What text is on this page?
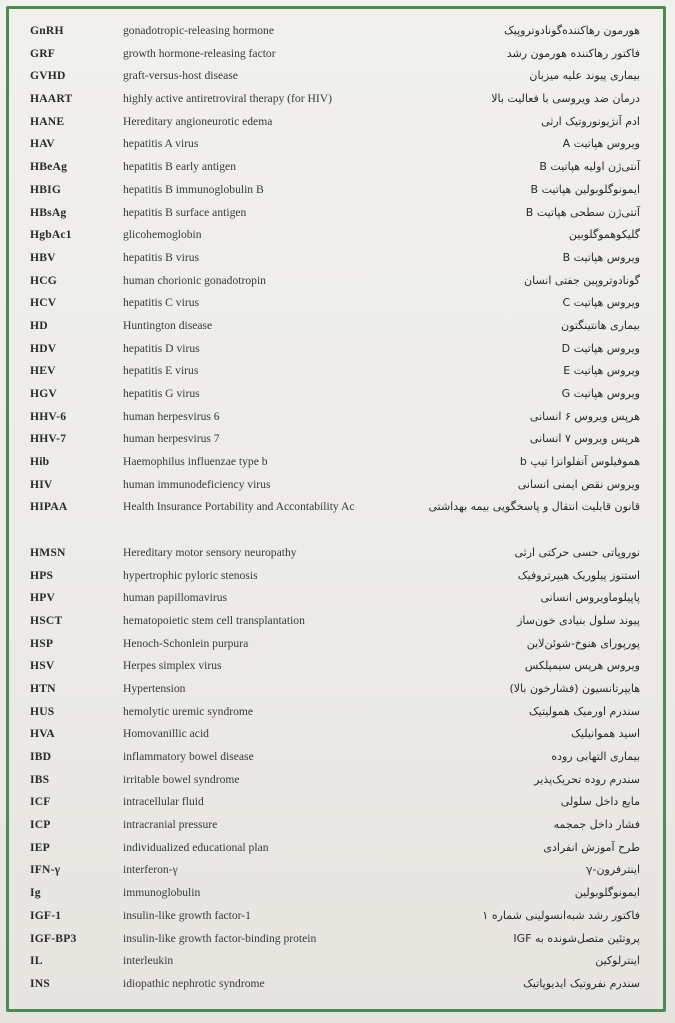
GnRH	gonadotropic-releasing hormone	هورمون رهاکننده‌گونادوتروپیک
GRF	growth hormone-releasing factor	فاکتور رهاکننده هورمون رشد
GVHD	graft-versus-host disease	بیماری پیوند علیه میزبان
HAART	highly active antiretroviral therapy (for HIV)	درمان ضد ویروسی با فعالیت بالا
HANE	Hereditary angioneurotic edema	ادم آنژیونوروتیک ارثی
HAV	hepatitis A virus	ویروس هپاتیت A
HBeAg	hepatitis B early antigen	آنتی‌ژن اولیه هپاتیت B
HBIG	hepatitis B immunoglobulin B	ایمونوگلوبولین هپاتیت B
HBsAg	hepatitis B surface antigen	آنتی‌ژن سطحی هپاتیت B
HgbAc1	glicohemoglobin	گلیکوهموگلوبین
HBV	hepatitis B virus	ویروس هپاتیت B
HCG	human chorionic gonadotropin	گونادوتروپین جفتی انسان
HCV	hepatitis C virus	ویروس هپاتیت C
HD	Huntington disease	بیماری هانتینگتون
HDV	hepatitis D virus	ویروس هپاتیت D
HEV	hepatitis E virus	ویروس هپاتیت E
HGV	hepatitis G virus	ویروس هپاتیت G
HHV-6	human herpesvirus 6	هرپس ویروس ۶ انسانی
HHV-7	human herpesvirus 7	هرپس ویروس ۷ انسانی
Hib	Haemophilus influenzae type b	هموفیلوس آنفلوانزا تیپ b
HIV	human immunodeficiency virus	ویروس نقص ایمنی انسانی
HIPAA	Health Insurance Portability and Accontability Ac	قانون قابلیت انتقال و پاسخگویی بیمه بهداشتی
HMSN	Hereditary motor sensory neuropathy	نوروپاتی حسی حرکتی ارثی
HPS	hypertrophic pyloric stenosis	استنوز پیلوریک هیپرتروفیک
HPV	human papillomavirus	پاپیلوماویروس انسانی
HSCT	hematopoietic stem cell transplantation	پیوند سلول بنیادی خون‌ساز
HSP	Henoch-Schonlein purpura	پورپورای هنوخ-شوئن‌لاین
HSV	Herpes simplex virus	ویروس هرپس سیمپلکس
HTN	Hypertension	هایپرتانسیون (فشارخون بالا)
HUS	hemolytic uremic syndrome	سندرم اورمیک همولیتیک
HVA	Homovanillic acid	اسید هموانیلیک
IBD	inflammatory bowel disease	بیماری التهابی روده
IBS	irritable bowel syndrome	سندرم روده تحریک‌پذیر
ICF	intracellular fluid	مایع داخل سلولی
ICP	intracranial pressure	فشار داخل جمجمه
IEP	individualized educational plan	طرح آموزش انفرادی
IFN-γ	interferon-γ	اینترفرون-γ
Ig	immunoglobulin	ایمونوگلوبولین
IGF-1	insulin-like growth factor-1	فاکتور رشد شبه‌انسولینی شماره ۱
IGF-BP3	insulin-like growth factor-binding protein	پروتئین متصل‌شونده به IGF
IL	interleukin	اینترلوکین
INS	idiopathic nephrotic syndrome	سندرم نفروتیک ایدیوپاتیک
